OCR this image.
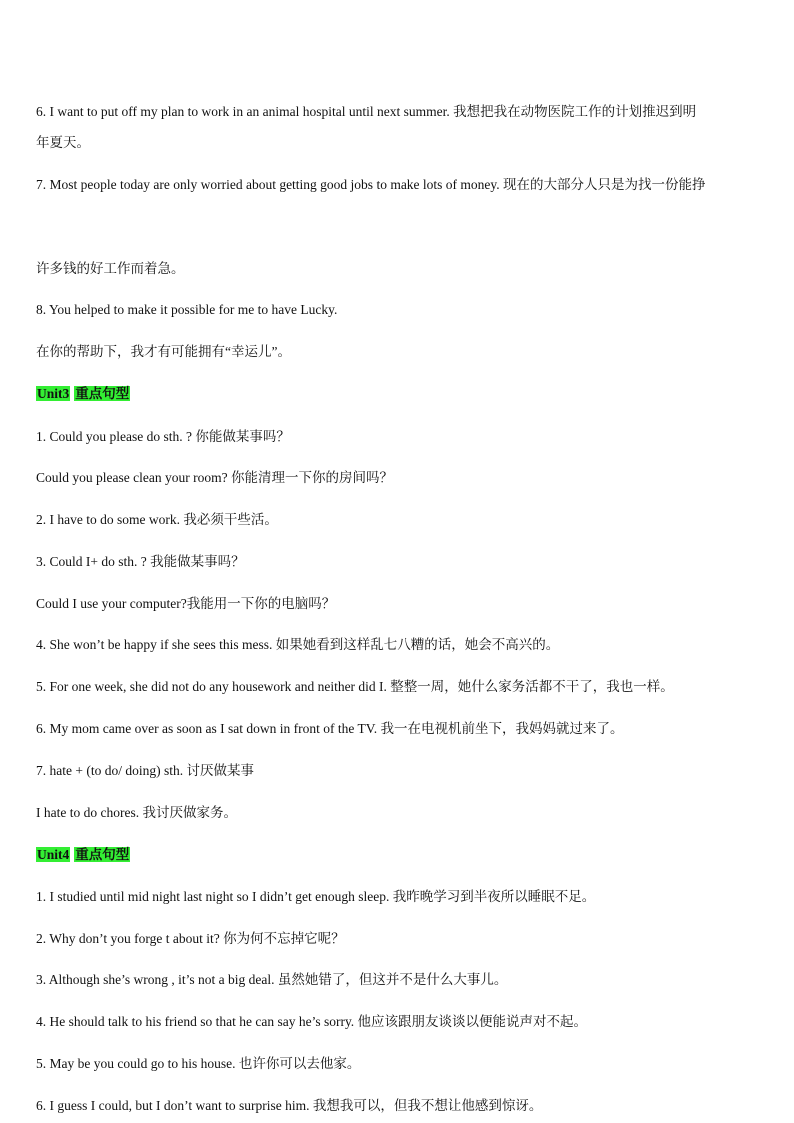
6. I want to put off my plan to work in an animal hospital until next summer. 我想把我在动物医院工作的计划推迟到明
年夏天。
7. Most people today are only worried about getting good jobs to make lots of money. 现在的大部分人只是为找一份能挣
许多钱的好工作而着急。
8. You helped to make it possible for me to have Lucky.
在你的帮助下，我才有可能拥有“幸运儿”。
Unit3 重点句型
1. Could you please do sth. ? 你能做某事吗？
Could you please clean your room? 你能清理一下你的房间吗？
2. I have to do some work. 我必须干些活。
3. Could I+ do sth. ? 我能做某事吗？
Could I use your computer?我能用一下你的电脑吗？
4. She won’t be happy if she sees this mess. 如果她看到这样乱七八糟的话，她会不高兴的。
5. For one week, she did not do any housework and neither did I. 整整一周，她什么家务活都不干了，我也一样。
6. My mom came over as soon as I sat down in front of the TV. 我一在电视机前坐下，我妈妈就过来了。
7. hate + (to do/ doing) sth. 讨厌做某事
I hate to do chores. 我讨厌做家务。
Unit4 重点句型
1. I studied until mid night last night so I didn’t get enough sleep. 我昨晚学习到半夜所以睡眠不足。
2. Why don’t you forge t about it? 你为何不忘掉它呢？
3. Although she’s wrong , it’s not a big deal. 虽然她错了，但这并不是什么大事儿。
4. He should talk to his friend so that he can say he’s sorry. 他应该跟朋友谈谈以便能说声对不起。
5. May be you could go to his house. 也许你可以去他家。
6. I guess I could, but I don’t want to surprise him. 我想我可以，但我不想让他感到惊讶。
